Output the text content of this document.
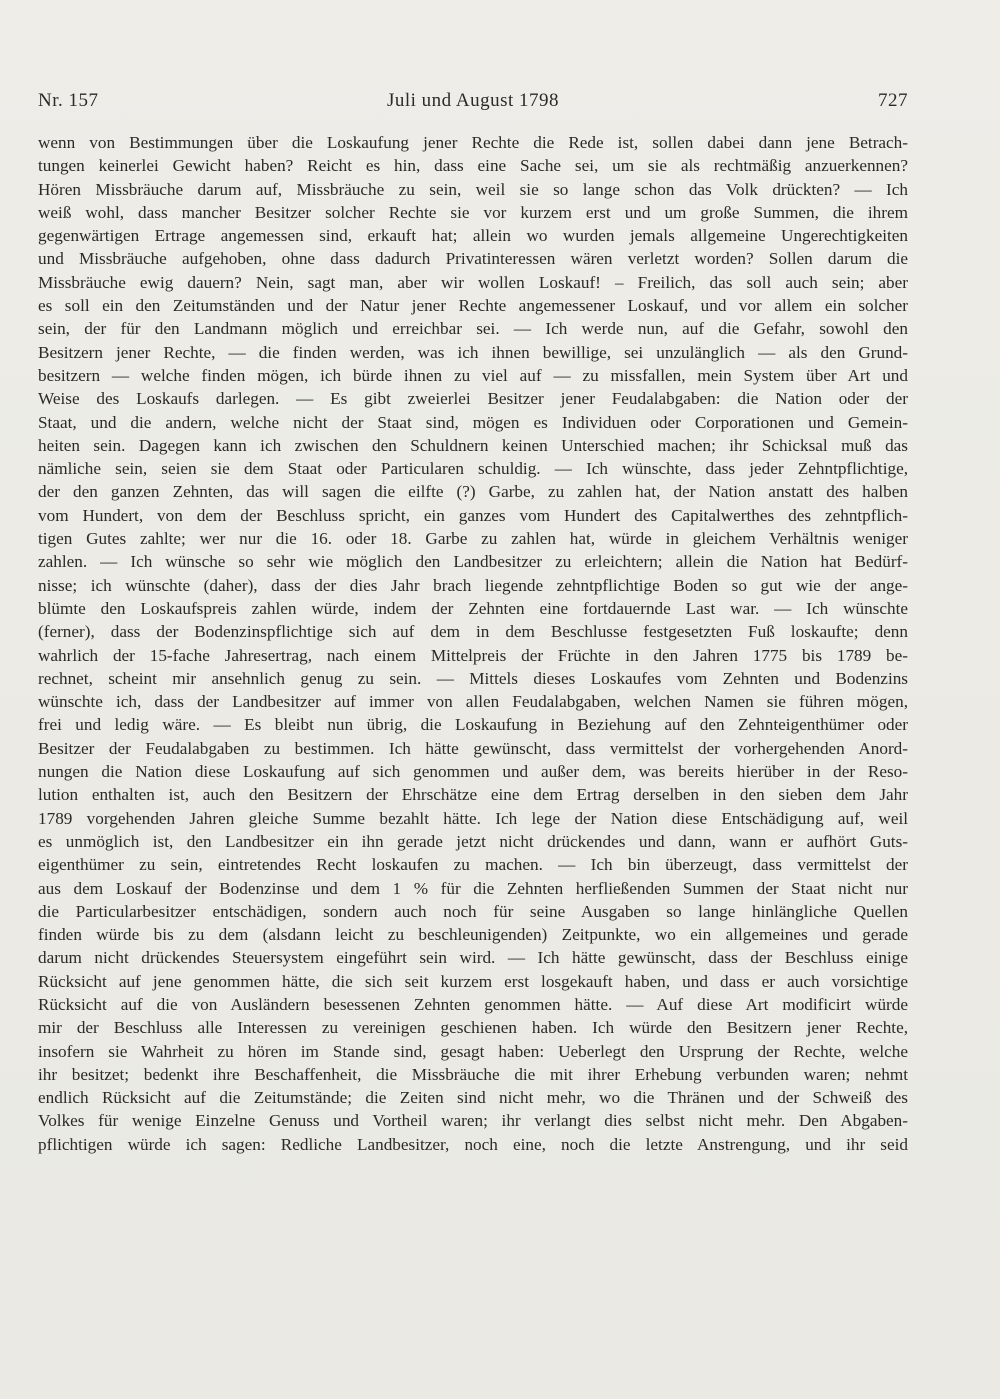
Nr. 157	Juli und August 1798	727
wenn von Bestimmungen über die Loskaufung jener Rechte die Rede ist, sollen dabei dann jene Betrach-
tungen keinerlei Gewicht haben? Reicht es hin, dass eine Sache sei, um sie als rechtmäßig anzuerkennen?
Hören Missbräuche darum auf, Missbräuche zu sein, weil sie so lange schon das Volk drückten? — Ich
weiß wohl, dass mancher Besitzer solcher Rechte sie vor kurzem erst und um große Summen, die ihrem
gegenwärtigen Ertrage angemessen sind, erkauft hat; allein wo wurden jemals allgemeine Ungerechtigkeiten
und Missbräuche aufgehoben, ohne dass dadurch Privatinteressen wären verletzt worden? Sollen darum die
Missbräuche ewig dauern? Nein, sagt man, aber wir wollen Loskauf! – Freilich, das soll auch sein; aber
es soll ein den Zeitumständen und der Natur jener Rechte angemessener Loskauf, und vor allem ein solcher
sein, der für den Landmann möglich und erreichbar sei. — Ich werde nun, auf die Gefahr, sowohl den
Besitzern jener Rechte, — die finden werden, was ich ihnen bewillige, sei unzulänglich — als den Grund-
besitzern — welche finden mögen, ich bürde ihnen zu viel auf — zu missfallen, mein System über Art und
Weise des Loskaufs darlegen. — Es gibt zweierlei Besitzer jener Feudalabgaben: die Nation oder der
Staat, und die andern, welche nicht der Staat sind, mögen es Individuen oder Corporationen und Gemein-
heiten sein. Dagegen kann ich zwischen den Schuldnern keinen Unterschied machen; ihr Schicksal muß das
nämliche sein, seien sie dem Staat oder Particularen schuldig. — Ich wünschte, dass jeder Zehntpflichtige,
der den ganzen Zehnten, das will sagen die eilfte (?) Garbe, zu zahlen hat, der Nation anstatt des halben
vom Hundert, von dem der Beschluss spricht, ein ganzes vom Hundert des Capitalwerthes des zehntpflich-
tigen Gutes zahlte; wer nur die 16. oder 18. Garbe zu zahlen hat, würde in gleichem Verhältnis weniger
zahlen. — Ich wünsche so sehr wie möglich den Landbesitzer zu erleichtern; allein die Nation hat Bedürf-
nisse; ich wünschte (daher), dass der dies Jahr brach liegende zehntpflichtige Boden so gut wie der ange-
blümte den Loskaufspreis zahlen würde, indem der Zehnten eine fortdauernde Last war. — Ich wünschte
(ferner), dass der Bodenzinspflichtige sich auf dem in dem Beschlusse festgesetzten Fuß loskaufte; denn
wahrlich der 15-fache Jahresertrag, nach einem Mittelpreis der Früchte in den Jahren 1775 bis 1789 be-
rechnet, scheint mir ansehnlich genug zu sein. — Mittels dieses Loskaufes vom Zehnten und Bodenzins
wünschte ich, dass der Landbesitzer auf immer von allen Feudalabgaben, welchen Namen sie führen mögen,
frei und ledig wäre. — Es bleibt nun übrig, die Loskaufung in Beziehung auf den Zehnteigenthümer oder
Besitzer der Feudalabgaben zu bestimmen. Ich hätte gewünscht, dass vermittelst der vorhergehenden Anord-
nungen die Nation diese Loskaufung auf sich genommen und außer dem, was bereits hierüber in der Reso-
lution enthalten ist, auch den Besitzern der Ehrschätze eine dem Ertrag derselben in den sieben dem Jahr
1789 vorgehenden Jahren gleiche Summe bezahlt hätte. Ich lege der Nation diese Entschädigung auf, weil
es unmöglich ist, den Landbesitzer ein ihn gerade jetzt nicht drückendes und dann, wann er aufhört Guts-
eigenthümer zu sein, eintretendes Recht loskaufen zu machen. — Ich bin überzeugt, dass vermittelst der
aus dem Loskauf der Bodenzinse und dem 1 % für die Zehnten herfließenden Summen der Staat nicht nur
die Particularbesitzer entschädigen, sondern auch noch für seine Ausgaben so lange hinlängliche Quellen
finden würde bis zu dem (alsdann leicht zu beschleunigenden) Zeitpunkte, wo ein allgemeines und gerade
darum nicht drückendes Steuersystem eingeführt sein wird. — Ich hätte gewünscht, dass der Beschluss einige
Rücksicht auf jene genommen hätte, die sich seit kurzem erst losgekauft haben, und dass er auch vorsichtige
Rücksicht auf die von Ausländern besessenen Zehnten genommen hätte. — Auf diese Art modificirt würde
mir der Beschluss alle Interessen zu vereinigen geschienen haben. Ich würde den Besitzern jener Rechte,
insofern sie Wahrheit zu hören im Stande sind, gesagt haben: Ueberlegt den Ursprung der Rechte, welche
ihr besitzet; bedenkt ihre Beschaffenheit, die Missbräuche die mit ihrer Erhebung verbunden waren; nehmt
endlich Rücksicht auf die Zeitumstände; die Zeiten sind nicht mehr, wo die Thränen und der Schweiß des
Volkes für wenige Einzelne Genuss und Vortheil waren; ihr verlangt dies selbst nicht mehr. Den Abgaben-
pflichtigen würde ich sagen: Redliche Landbesitzer, noch eine, noch die letzte Anstrengung, und ihr seid
